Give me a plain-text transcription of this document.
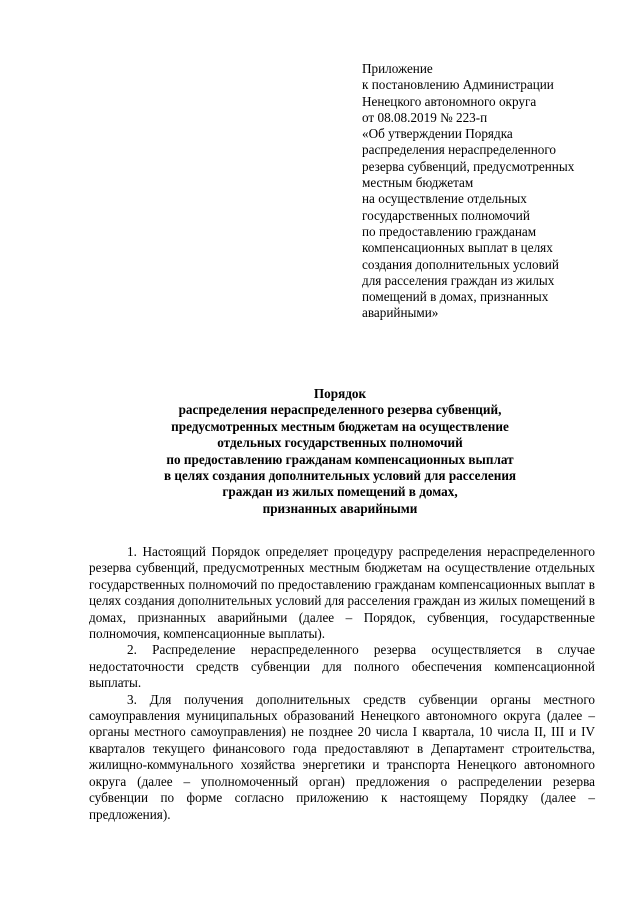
Приложение
к постановлению Администрации
Ненецкого автономного округа
от 08.08.2019 № 223-п
«Об утверждении Порядка
распределения нераспределенного
резерва субвенций, предусмотренных
местным бюджетам
на осуществление отдельных
государственных полномочий
по предоставлению гражданам
компенсационных выплат в целях
создания дополнительных условий
для расселения граждан из жилых
помещений в домах, признанных
аварийными»
Порядок
распределения нераспределенного резерва субвенций,
предусмотренных местным бюджетам на осуществление
отдельных государственных полномочий
по предоставлению гражданам компенсационных выплат
в целях создания дополнительных условий для расселения
граждан из жилых помещений в домах,
признанных аварийными

1. Настоящий Порядок определяет процедуру распределения нераспределенного резерва субвенций, предусмотренных местным бюджетам на осуществление отдельных государственных полномочий по предоставлению гражданам компенсационных выплат в целях создания дополнительных условий для расселения граждан из жилых помещений в домах, признанных аварийными (далее – Порядок, субвенция, государственные полномочия, компенсационные выплаты).

2. Распределение нераспределенного резерва осуществляется в случае недостаточности средств субвенции для полного обеспечения компенсационной выплаты.

3. Для получения дополнительных средств субвенции органы местного самоуправления муниципальных образований Ненецкого автономного округа (далее – органы местного самоуправления) не позднее 20 числа I квартала, 10 числа II, III и IV кварталов текущего финансового года предоставляют в Департамент строительства, жилищно-коммунального хозяйства энергетики и транспорта Ненецкого автономного округа (далее – уполномоченный орган) предложения о распределении резерва субвенции по форме согласно приложению к настоящему Порядку (далее – предложения).
